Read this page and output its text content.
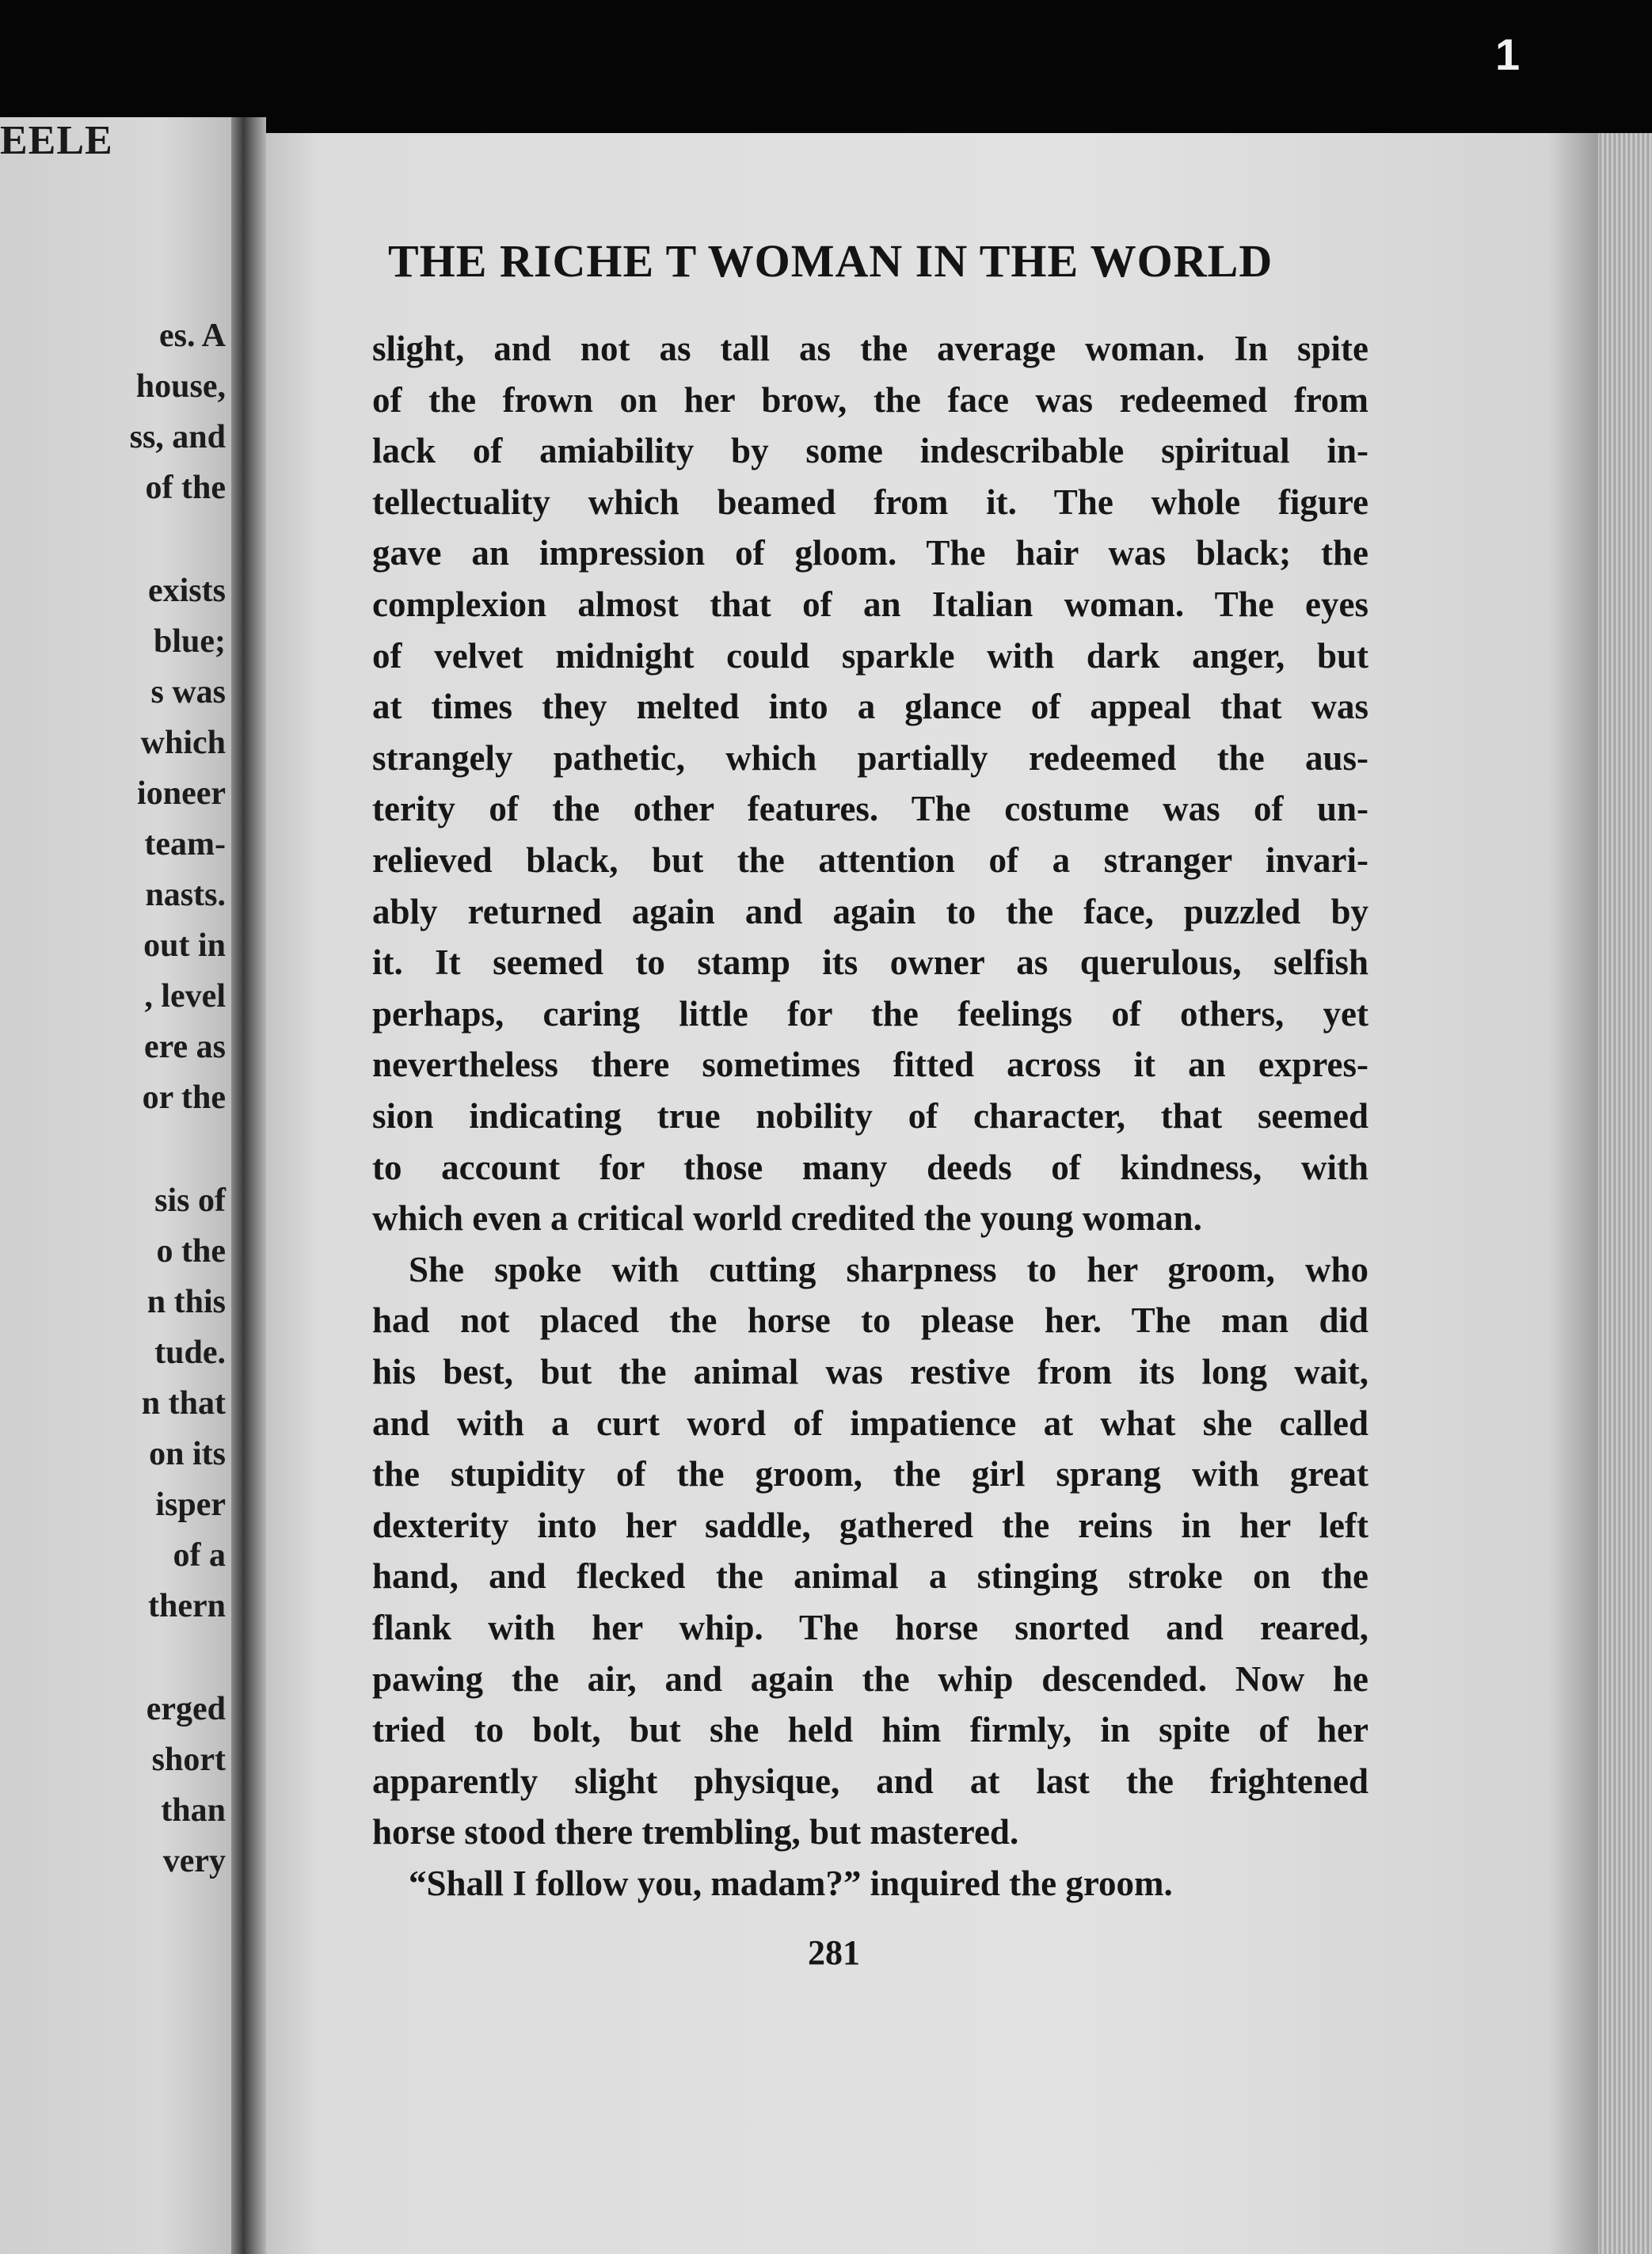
1
EELE

es. A

house,

ss, and

of the

exists

blue;

s was

which

ioneer

team-

nasts.

out in

, level

ere as

or the

sis of

o the

n this

tude.

n that

on its

isper

of a

thern

erged

short

than

very

THE RICHE T WOMAN IN THE WORLD

slight, and not as tall as the average woman. In spite

of the frown on her brow, the face was redeemed from

lack of amiability by some indescribable spiritual in-

tellectuality which beamed from it. The whole figure

gave an impression of gloom. The hair was black; the

complexion almost that of an Italian woman. The eyes

of velvet midnight could sparkle with dark anger, but

at times they melted into a glance of appeal that was

strangely pathetic, which partially redeemed the aus-

terity of the other features. The costume was of un-

relieved black, but the attention of a stranger invari-

ably returned again and again to the face, puzzled by

it. It seemed to stamp its owner as querulous, selfish

perhaps, caring little for the feelings of others, yet

nevertheless there sometimes fitted across it an expres-

sion indicating true nobility of character, that seemed

to account for those many deeds of kindness, with

which even a critical world credited the young woman.

She spoke with cutting sharpness to her groom, who

had not placed the horse to please her. The man did

his best, but the animal was restive from its long wait,

and with a curt word of impatience at what she called

the stupidity of the groom, the girl sprang with great

dexterity into her saddle, gathered the reins in her left

hand, and flecked the animal a stinging stroke on the

flank with her whip. The horse snorted and reared,

pawing the air, and again the whip descended. Now he

tried to bolt, but she held him firmly, in spite of her

apparently slight physique, and at last the frightened

horse stood there trembling, but mastered.

“Shall I follow you, madam?” inquired the groom.

281
